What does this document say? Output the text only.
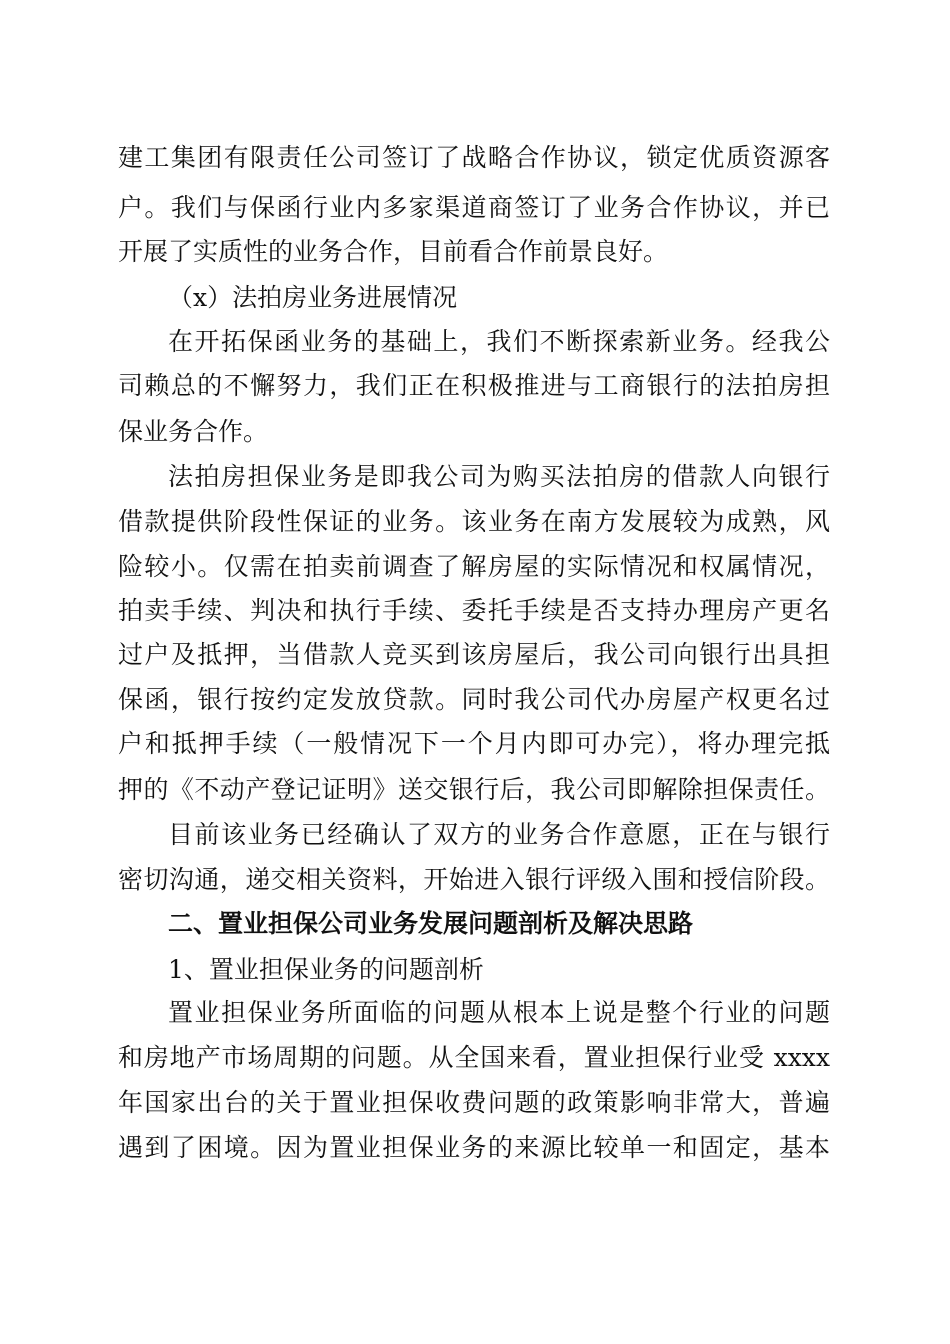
建工集团有限责任公司签订了战略合作协议，锁定优质资源客
户。我们与保函行业内多家渠道商签订了业务合作协议，并已
开展了实质性的业务合作，目前看合作前景良好。
（x）法拍房业务进展情况
在开拓保函业务的基础上，我们不断探索新业务。经我公
司赖总的不懈努力，我们正在积极推进与工商银行的法拍房担
保业务合作。
法拍房担保业务是即我公司为购买法拍房的借款人向银行
借款提供阶段性保证的业务。该业务在南方发展较为成熟，风
险较小。仅需在拍卖前调查了解房屋的实际情况和权属情况，
拍卖手续、判决和执行手续、委托手续是否支持办理房产更名
过户及抵押，当借款人竞买到该房屋后，我公司向银行出具担
保函，银行按约定发放贷款。同时我公司代办房屋产权更名过
户和抵押手续（一般情况下一个月内即可办完），将办理完抵
押的《不动产登记证明》送交银行后，我公司即解除担保责任。
目前该业务已经确认了双方的业务合作意愿，正在与银行
密切沟通，递交相关资料，开始进入银行评级入围和授信阶段。
二、置业担保公司业务发展问题剖析及解决思路
1、置业担保业务的问题剖析
置业担保业务所面临的问题从根本上说是整个行业的问题
和房地产市场周期的问题。从全国来看，置业担保行业受 xxxx
年国家出台的关于置业担保收费问题的政策影响非常大，普遍
遇到了困境。因为置业担保业务的来源比较单一和固定，基本
